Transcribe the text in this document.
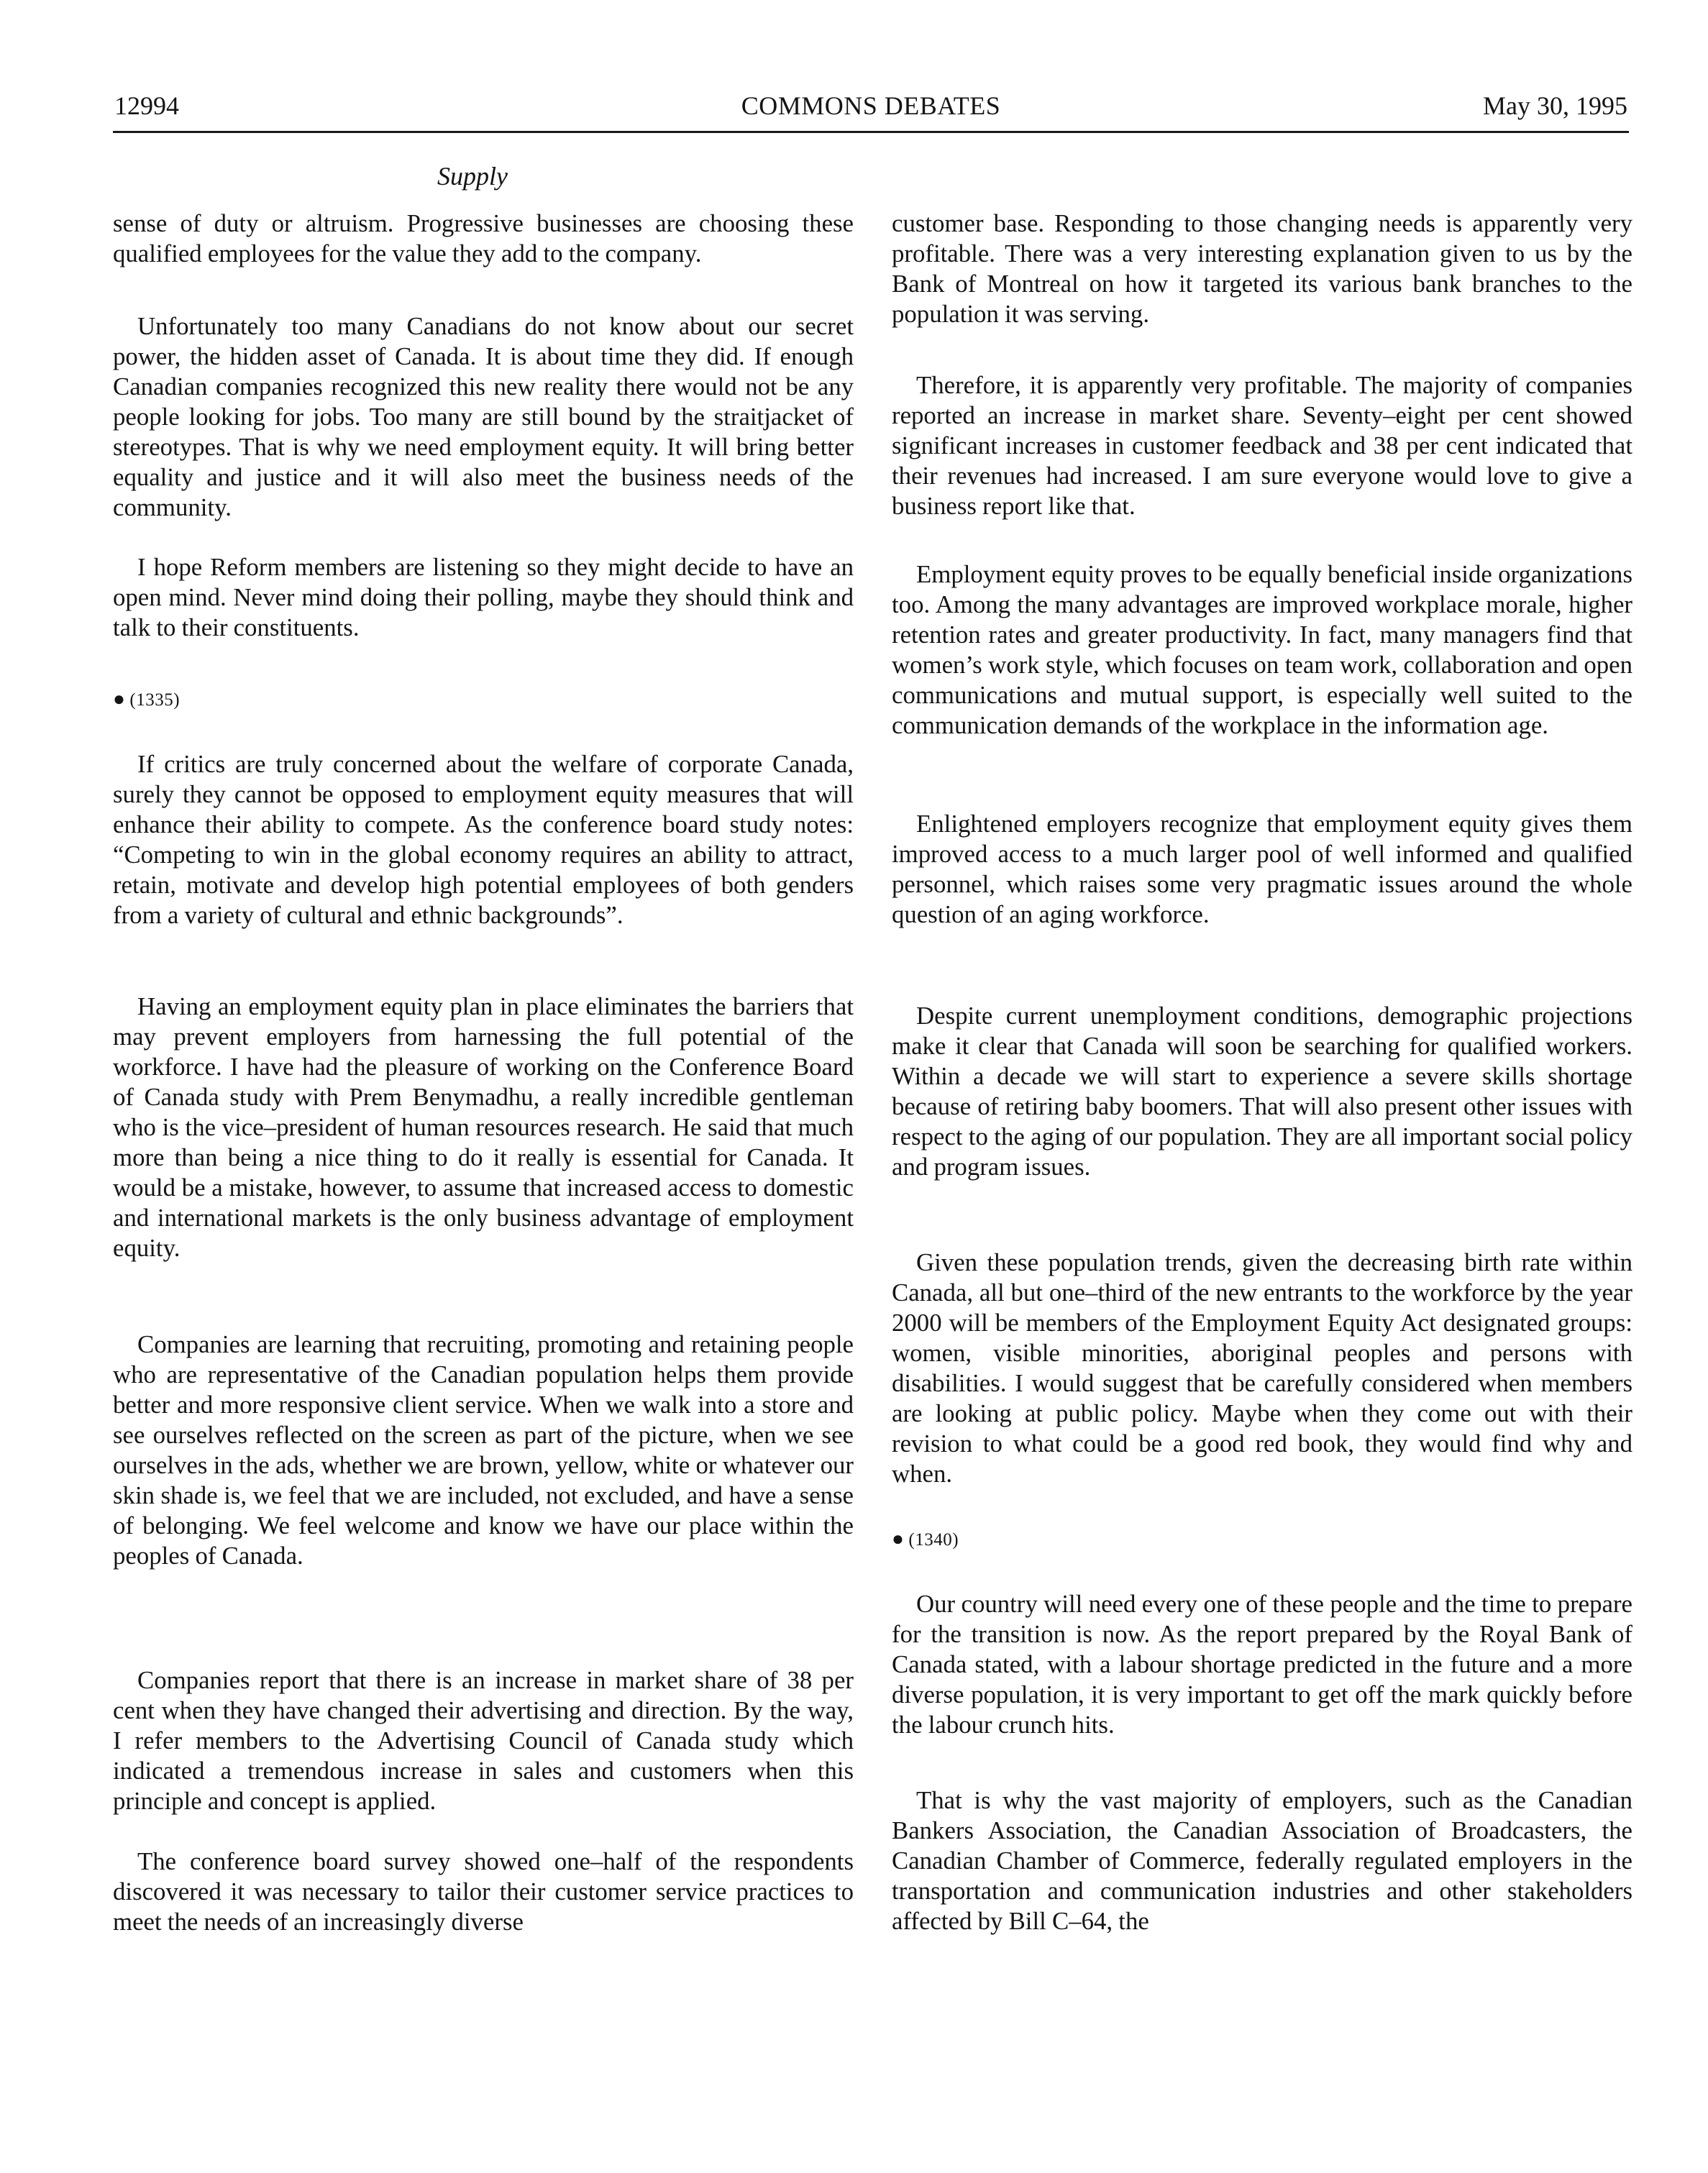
12994	COMMONS DEBATES	May 30, 1995
Supply

sense of duty or altruism. Progressive businesses are choosing these qualified employees for the value they add to the company.

Unfortunately too many Canadians do not know about our secret power, the hidden asset of Canada. It is about time they did. If enough Canadian companies recognized this new reality there would not be any people looking for jobs. Too many are still bound by the straitjacket of stereotypes. That is why we need employment equity. It will bring better equality and justice and it will also meet the business needs of the community.

I hope Reform members are listening so they might decide to have an open mind. Never mind doing their polling, maybe they should think and talk to their constituents.

● (1335)

If critics are truly concerned about the welfare of corporate Canada, surely they cannot be opposed to employment equity measures that will enhance their ability to compete. As the conference board study notes: “Competing to win in the global economy requires an ability to attract, retain, motivate and develop high potential employees of both genders from a variety of cultural and ethnic backgrounds”.

Having an employment equity plan in place eliminates the barriers that may prevent employers from harnessing the full potential of the workforce. I have had the pleasure of working on the Conference Board of Canada study with Prem Benymadhu, a really incredible gentleman who is the vice–president of human resources research. He said that much more than being a nice thing to do it really is essential for Canada. It would be a mistake, however, to assume that increased access to domestic and international markets is the only business advantage of employment equity.

Companies are learning that recruiting, promoting and retaining people who are representative of the Canadian population helps them provide better and more responsive client service. When we walk into a store and see ourselves reflected on the screen as part of the picture, when we see ourselves in the ads, whether we are brown, yellow, white or whatever our skin shade is, we feel that we are included, not excluded, and have a sense of belonging. We feel welcome and know we have our place within the peoples of Canada.

Companies report that there is an increase in market share of 38 per cent when they have changed their advertising and direction. By the way, I refer members to the Advertising Council of Canada study which indicated a tremendous increase in sales and customers when this principle and concept is applied.

The conference board survey showed one–half of the respondents discovered it was necessary to tailor their customer service practices to meet the needs of an increasingly diverse

customer base. Responding to those changing needs is apparently very profitable. There was a very interesting explanation given to us by the Bank of Montreal on how it targeted its various bank branches to the population it was serving.

Therefore, it is apparently very profitable. The majority of companies reported an increase in market share. Seventy–eight per cent showed significant increases in customer feedback and 38 per cent indicated that their revenues had increased. I am sure everyone would love to give a business report like that.

Employment equity proves to be equally beneficial inside organizations too. Among the many advantages are improved workplace morale, higher retention rates and greater productivity. In fact, many managers find that women’s work style, which focuses on team work, collaboration and open communications and mutual support, is especially well suited to the communication demands of the workplace in the information age.

Enlightened employers recognize that employment equity gives them improved access to a much larger pool of well informed and qualified personnel, which raises some very pragmatic issues around the whole question of an aging workforce.

Despite current unemployment conditions, demographic projections make it clear that Canada will soon be searching for qualified workers. Within a decade we will start to experience a severe skills shortage because of retiring baby boomers. That will also present other issues with respect to the aging of our population. They are all important social policy and program issues.

Given these population trends, given the decreasing birth rate within Canada, all but one–third of the new entrants to the workforce by the year 2000 will be members of the Employment Equity Act designated groups: women, visible minorities, aboriginal peoples and persons with disabilities. I would suggest that be carefully considered when members are looking at public policy. Maybe when they come out with their revision to what could be a good red book, they would find why and when.

● (1340)

Our country will need every one of these people and the time to prepare for the transition is now. As the report prepared by the Royal Bank of Canada stated, with a labour shortage predicted in the future and a more diverse population, it is very important to get off the mark quickly before the labour crunch hits.

That is why the vast majority of employers, such as the Canadian Bankers Association, the Canadian Association of Broadcasters, the Canadian Chamber of Commerce, federally regulated employers in the transportation and communication industries and other stakeholders affected by Bill C–64, the
